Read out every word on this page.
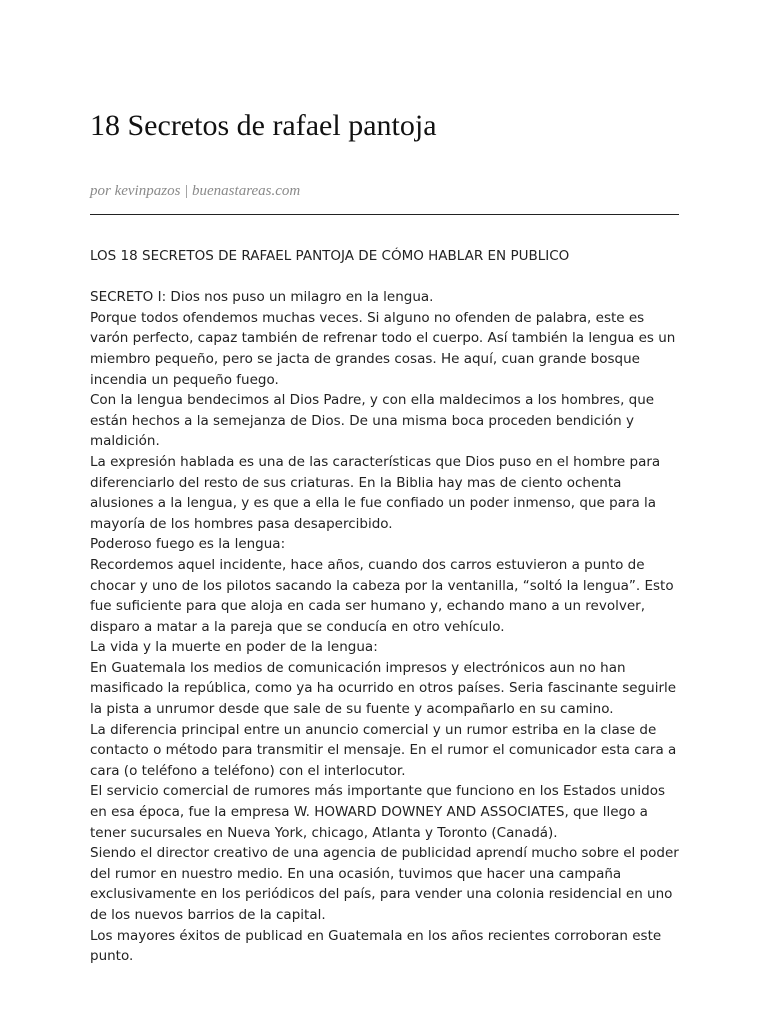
18 Secretos de rafael pantoja
por kevinpazos | buenastareas.com

LOS 18 SECRETOS DE RAFAEL PANTOJA DE CÓMO HABLAR EN PUBLICO

SECRETO I: Dios nos puso un milagro en la lengua.

Porque todos ofendemos muchas veces. Si alguno no ofenden de palabra, este es varón perfecto, capaz también de refrenar todo el cuerpo. Así también la lengua es un miembro pequeño, pero se jacta de grandes cosas. He aquí, cuan grande bosque incendia un pequeño fuego.

Con la lengua bendecimos al Dios Padre, y con ella maldecimos a los hombres, que están hechos a la semejanza de Dios. De una misma boca proceden bendición y maldición.

La expresión hablada es una de las características que Dios puso en el hombre para diferenciarlo del resto de sus criaturas. En la Biblia hay mas de ciento ochenta alusiones a la lengua, y es que a ella le fue confiado un poder inmenso, que para la mayoría de los hombres pasa desapercibido.

Poderoso fuego es la lengua:

Recordemos aquel incidente, hace años, cuando dos carros estuvieron a punto de chocar y uno de los pilotos sacando la cabeza por la ventanilla, “soltó la lengua”. Esto fue suficiente para que aloja en cada ser humano y, echando mano a un revolver, disparo a matar a la pareja que se conducía en otro vehículo.

La vida y la muerte en poder de la lengua:

En Guatemala los medios de comunicación impresos y electrónicos aun no han masificado la república, como ya ha ocurrido en otros países. Seria fascinante seguirle la pista a unrumor desde que sale de su fuente y acompañarlo en su camino.

La diferencia principal entre un anuncio comercial y un rumor estriba en la clase de contacto o método para transmitir el mensaje. En el rumor el comunicador esta cara a cara (o teléfono a teléfono) con el interlocutor.

El servicio comercial de rumores más importante que funciono en los Estados unidos en esa época, fue la empresa W. HOWARD DOWNEY AND ASSOCIATES, que llego a tener sucursales en Nueva York, chicago, Atlanta y Toronto (Canadá).

Siendo el director creativo de una agencia de publicidad aprendí mucho sobre el poder del rumor en nuestro medio. En una ocasión, tuvimos que hacer una campaña exclusivamente en los periódicos del país, para vender una colonia residencial en uno de los nuevos barrios de la capital.

Los mayores éxitos de publicad en Guatemala en los años recientes corroboran este punto.
